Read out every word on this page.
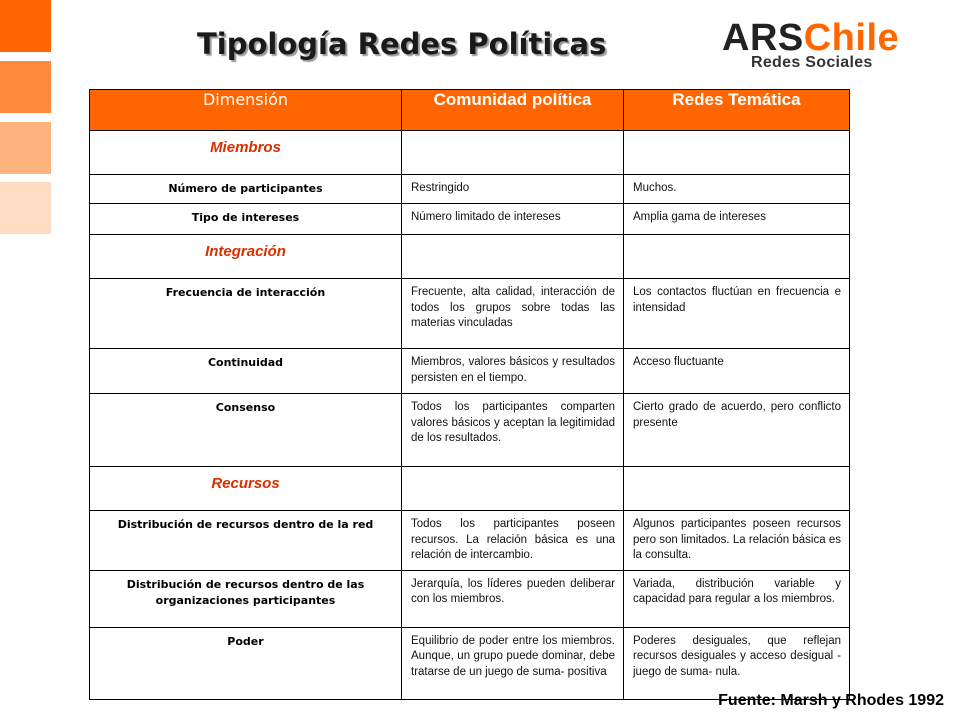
Tipología Redes Políticas	ARSChile
Redes Sociales
Dimensión	Comunidad política	Redes Temática
Miembros		
Número de participantes	Restringido	Muchos.
Tipo de intereses	Número limitado de intereses	Amplia gama de intereses
Integración		
Frecuencia de interacción	Frecuente, alta calidad, interacción de todos los grupos sobre todas las materias vinculadas	Los contactos fluctúan en frecuencia e intensidad
Continuidad	Miembros, valores básicos y resultados persisten en el tiempo.	Acceso fluctuante
Consenso	Todos los participantes comparten valores básicos y aceptan la legitimidad de los resultados.	Cierto grado de acuerdo, pero conflicto presente
Recursos		
Distribución de recursos dentro de la red	Todos los participantes poseen recursos. La relación básica es una relación de intercambio.	Algunos participantes poseen recursos pero son limitados. La relación básica es la consulta.
Distribución de recursos dentro de las organizaciones participantes	Jerarquía, los líderes pueden deliberar con los miembros.	Variada, distribución variable y capacidad para regular a los miembros.
Poder	Equilibrio de poder entre los miembros. Aunque, un grupo puede dominar, debe tratarse de un juego de suma- positiva	Poderes desiguales, que reflejan recursos desiguales y acceso desigual - juego de suma- nula.
Fuente: Marsh y Rhodes 1992
